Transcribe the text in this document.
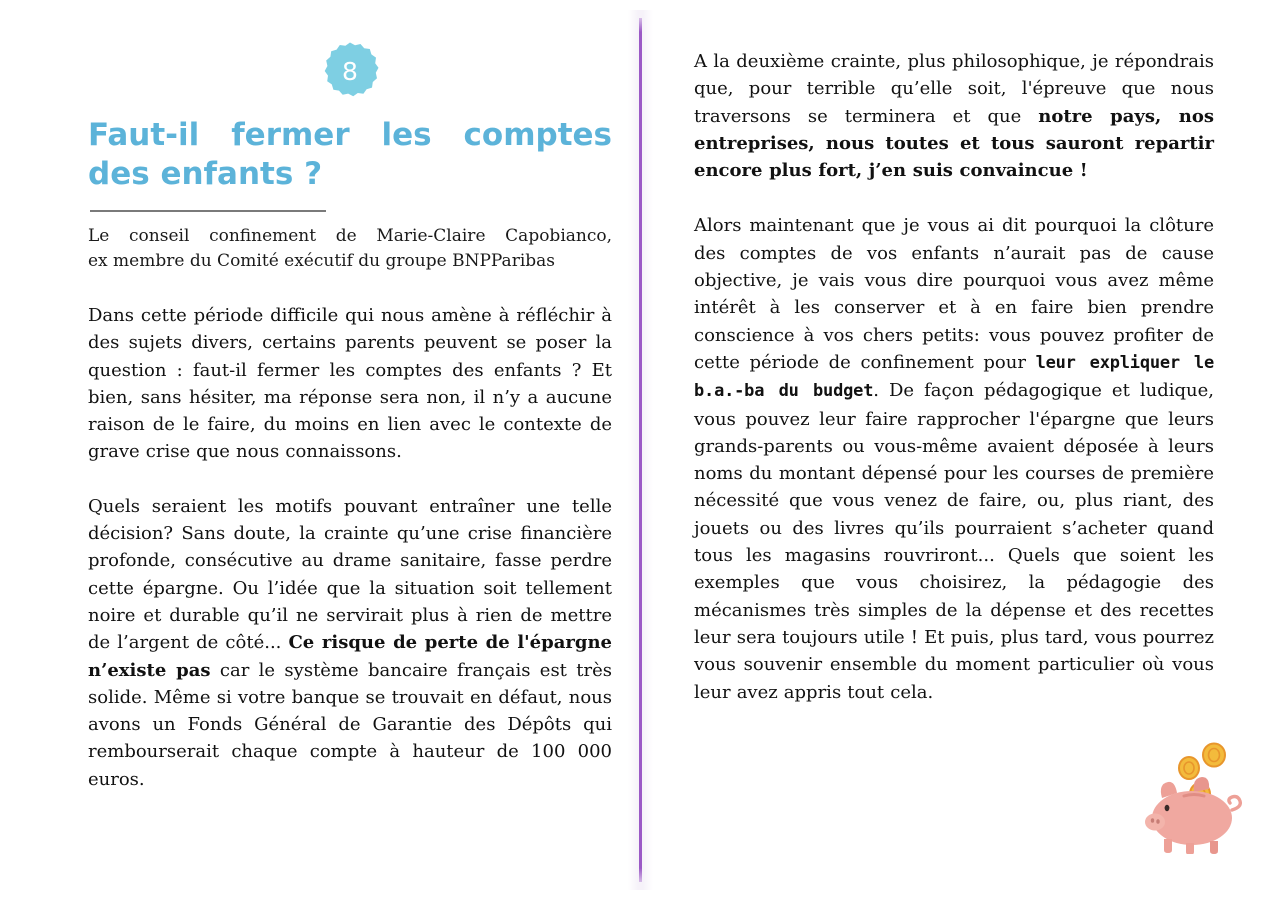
8
Faut-il fermer les comptes des enfants ?

Le conseil confinement de Marie-Claire Capobianco,
ex membre du Comité exécutif du groupe BNPParibas

Dans cette période difficile qui nous amène à réfléchir à des sujets divers, certains parents peuvent se poser la question : faut-il fermer les comptes des enfants ? Et bien, sans hésiter, ma réponse sera non, il n’y a aucune raison de le faire, du moins en lien avec le contexte de grave crise que nous connaissons.

Quels seraient les motifs pouvant entraîner une telle décision? Sans doute, la crainte qu’une crise financière profonde, consécutive au drame sanitaire, fasse perdre cette épargne. Ou l’idée que la situation soit tellement noire et durable qu’il ne servirait plus à rien de mettre de l’argent de côté... Ce risque de perte de l'épargne n’existe pas car le système bancaire français est très solide. Même si votre banque se trouvait en défaut, nous avons un Fonds Général de Garantie des Dépôts qui rembourserait chaque compte à hauteur de 100 000 euros.

A la deuxième crainte, plus philosophique, je répondrais que, pour terrible qu’elle soit, l'épreuve que nous traversons se terminera et que notre pays, nos entreprises, nous toutes et tous sauront repartir encore plus fort, j’en suis convaincue !

Alors maintenant que je vous ai dit pourquoi la clôture des comptes de vos enfants n’aurait pas de cause objective, je vais vous dire pourquoi vous avez même intérêt à les conserver et à en faire bien prendre conscience à vos chers petits: vous pouvez profiter de cette période de confinement pour leur expliquer le b.a.-ba du budget. De façon pédagogique et ludique, vous pouvez leur faire rapprocher l'épargne que leurs grands-parents ou vous-même avaient déposée à leurs noms du montant dépensé pour les courses de première nécessité que vous venez de faire, ou, plus riant, des jouets ou des livres qu’ils pourraient s’acheter quand tous les magasins rouvriront... Quels que soient les exemples que vous choisirez, la pédagogie des mécanismes très simples de la dépense et des recettes leur sera toujours utile ! Et puis, plus tard, vous pourrez vous souvenir ensemble du moment particulier où vous leur avez appris tout cela.
